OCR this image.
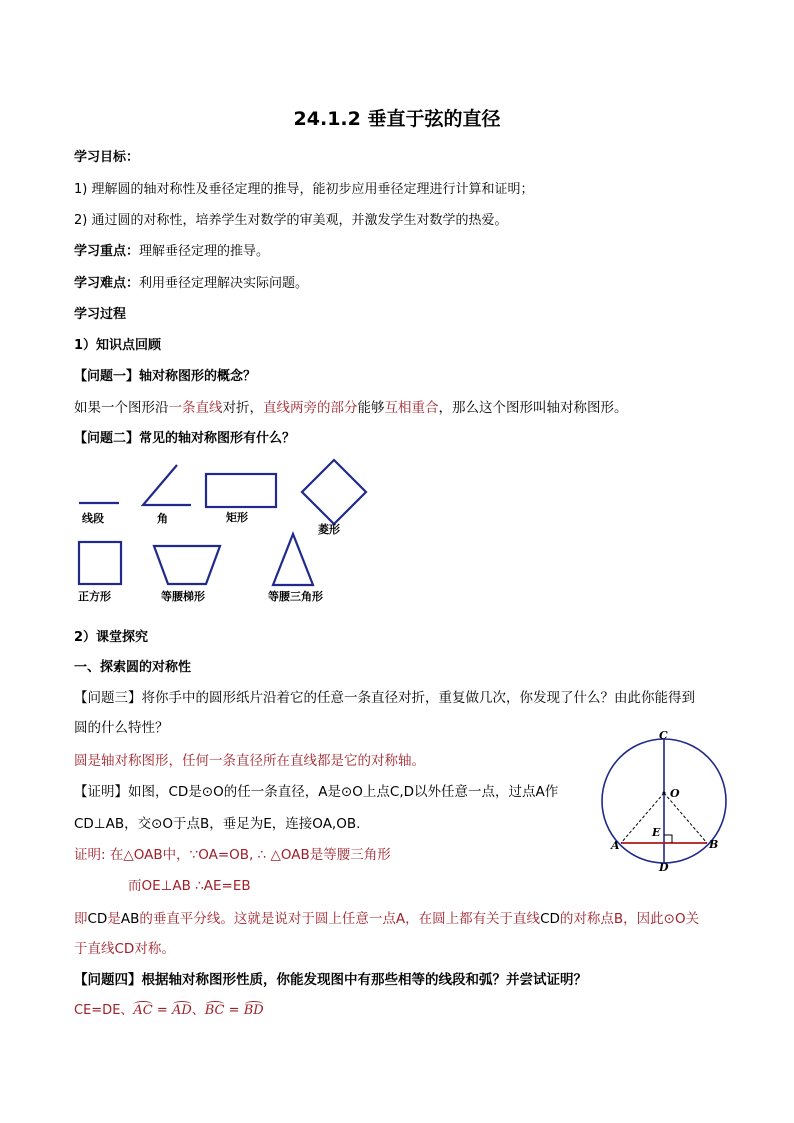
24.1.2 垂直于弦的直径
学习目标：
1) 理解圆的轴对称性及垂径定理的推导，能初步应用垂径定理进行计算和证明；
2) 通过圆的对称性，培养学生对数学的审美观，并激发学生对数学的热爱。
学习重点：理解垂径定理的推导。
学习难点：利用垂径定理解决实际问题。
学习过程
1）知识点回顾
【问题一】轴对称图形的概念？
如果一个图形沿一条直线对折，直线两旁的部分能够互相重合，那么这个图形叫轴对称图形。
【问题二】常见的轴对称图形有什么？
线段	角	矩形
菱形
正方形	等腰梯形	等腰三角形
2）课堂探究
一、探索圆的对称性
【问题三】将你手中的圆形纸片沿着它的任意一条直径对折，重复做几次，你发现了什么？由此你能得到
圆的什么特性？
圆是轴对称图形，任何一条直径所在直线都是它的对称轴。
【证明】如图，CD是⊙O的任一条直径，A是⊙O上点C,D以外任意一点，过点A作
CD⊥AB，交⊙O于点B，垂足为E，连接OA,OB.
证明: 在△OAB中，∵OA=OB, ∴ △OAB是等腰三角形
而OE⊥AB ∴AE=EB
C
O
E
A	B
D
即CD是AB的垂直平分线。这就是说对于圆上任意一点A，在圆上都有关于直线CD的对称点B，因此⊙O关
于直线CD对称。
【问题四】根据轴对称图形性质，你能发现图中有那些相等的线段和弧？并尝试证明？
CE=DE、AC = AD、BC = BD
